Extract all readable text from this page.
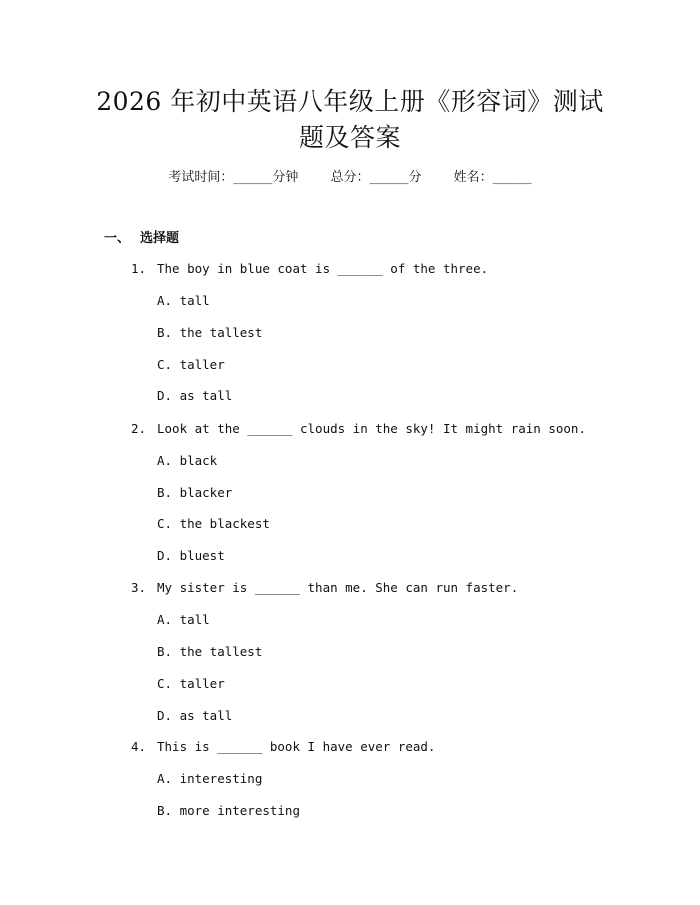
2026 年初中英语八年级上册《形容词》测试
题及答案
考试时间：______分钟 总分：______分 姓名：______
一、 选择题
1. The boy in blue coat is ______ of the three.
A. tall
B. the tallest
C. taller
D. as tall
2. Look at the ______ clouds in the sky! It might rain soon.
A. black
B. blacker
C. the blackest
D. bluest
3. My sister is ______ than me. She can run faster.
A. tall
B. the tallest
C. taller
D. as tall
4. This is ______ book I have ever read.
A. interesting
B. more interesting
